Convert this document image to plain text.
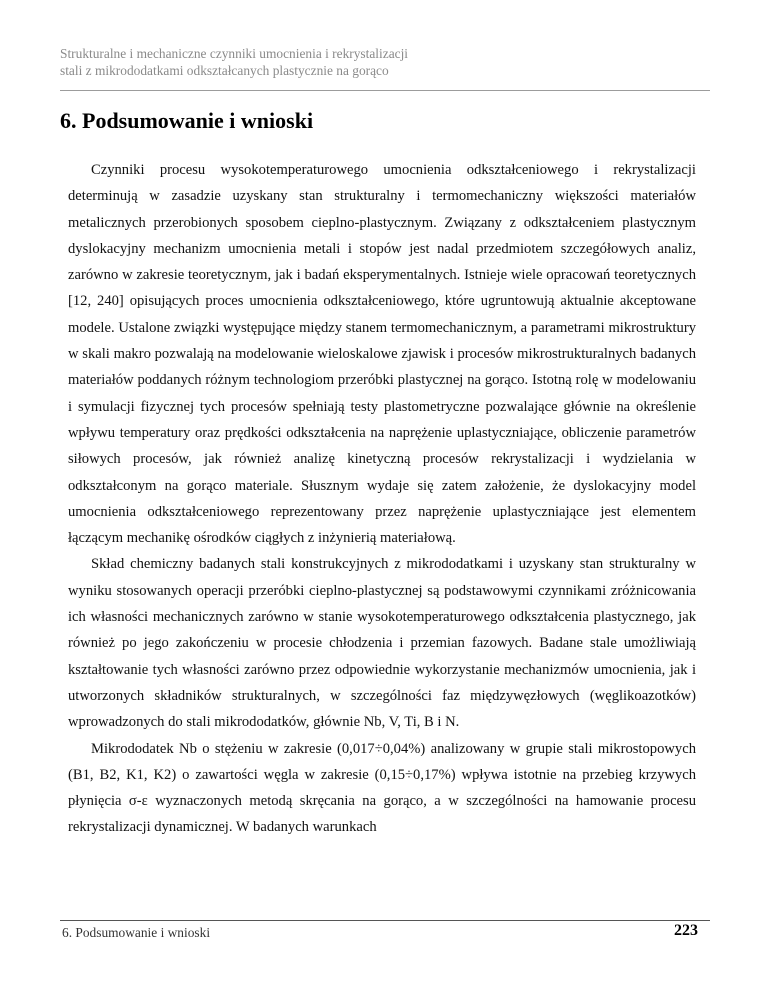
Strukturalne i mechaniczne czynniki umocnienia i rekrystalizacji
stali z mikrododatkami odkształcanych plastycznie na gorąco
6. Podsumowanie i wnioski

Czynniki procesu wysokotemperaturowego umocnienia odkształceniowego i rekrystalizacji determinują w zasadzie uzyskany stan strukturalny i termomechaniczny większości materiałów metalicznych przerobionych sposobem cieplno-plastycznym. Związany z odkształceniem plastycznym dyslokacyjny mechanizm umocnienia metali i stopów jest nadal przedmiotem szczegółowych analiz, zarówno w zakresie teoretycznym, jak i badań eksperymentalnych. Istnieje wiele opracowań teoretycznych [12, 240] opisujących proces umocnienia odkształceniowego, które ugruntowują aktualnie akceptowane modele. Ustalone związki występujące między stanem termomechanicznym, a parametrami mikrostruktury w skali makro pozwalają na modelowanie wieloskalowe zjawisk i procesów mikrostrukturalnych badanych materiałów poddanych różnym technologiom przeróbki plastycznej na gorąco. Istotną rolę w modelowaniu i symulacji fizycznej tych procesów spełniają testy plastometryczne pozwalające głównie na określenie wpływu temperatury oraz prędkości odkształcenia na naprężenie uplastyczniające, obliczenie parametrów siłowych procesów, jak również analizę kinetyczną procesów rekrystalizacji i wydzielania w odkształconym na gorąco materiale. Słusznym wydaje się zatem założenie, że dyslokacyjny model umocnienia odkształceniowego reprezentowany przez naprężenie uplastyczniające jest elementem łączącym mechanikę ośrodków ciągłych z inżynierią materiałową.

Skład chemiczny badanych stali konstrukcyjnych z mikrododatkami i uzyskany stan strukturalny w wyniku stosowanych operacji przeróbki cieplno-plastycznej są podstawowymi czynnikami zróżnicowania ich własności mechanicznych zarówno w stanie wysokotemperaturowego odkształcenia plastycznego, jak również po jego zakończeniu w procesie chłodzenia i przemian fazowych. Badane stale umożliwiają kształtowanie tych własności zarówno przez odpowiednie wykorzystanie mechanizmów umocnienia, jak i utworzonych składników strukturalnych, w szczególności faz międzywęzłowych (węglikoazotków) wprowadzonych do stali mikrododatków, głównie Nb, V, Ti, B i N.

Mikrododatek Nb o stężeniu w zakresie (0,017÷0,04%) analizowany w grupie stali mikrostopowych (B1, B2, K1, K2) o zawartości węgla w zakresie (0,15÷0,17%) wpływa istotnie na przebieg krzywych płynięcia σ-ε wyznaczonych metodą skręcania na gorąco, a w szczególności na hamowanie procesu rekrystalizacji dynamicznej. W badanych warunkach

6. Podsumowanie i wnioski	223
